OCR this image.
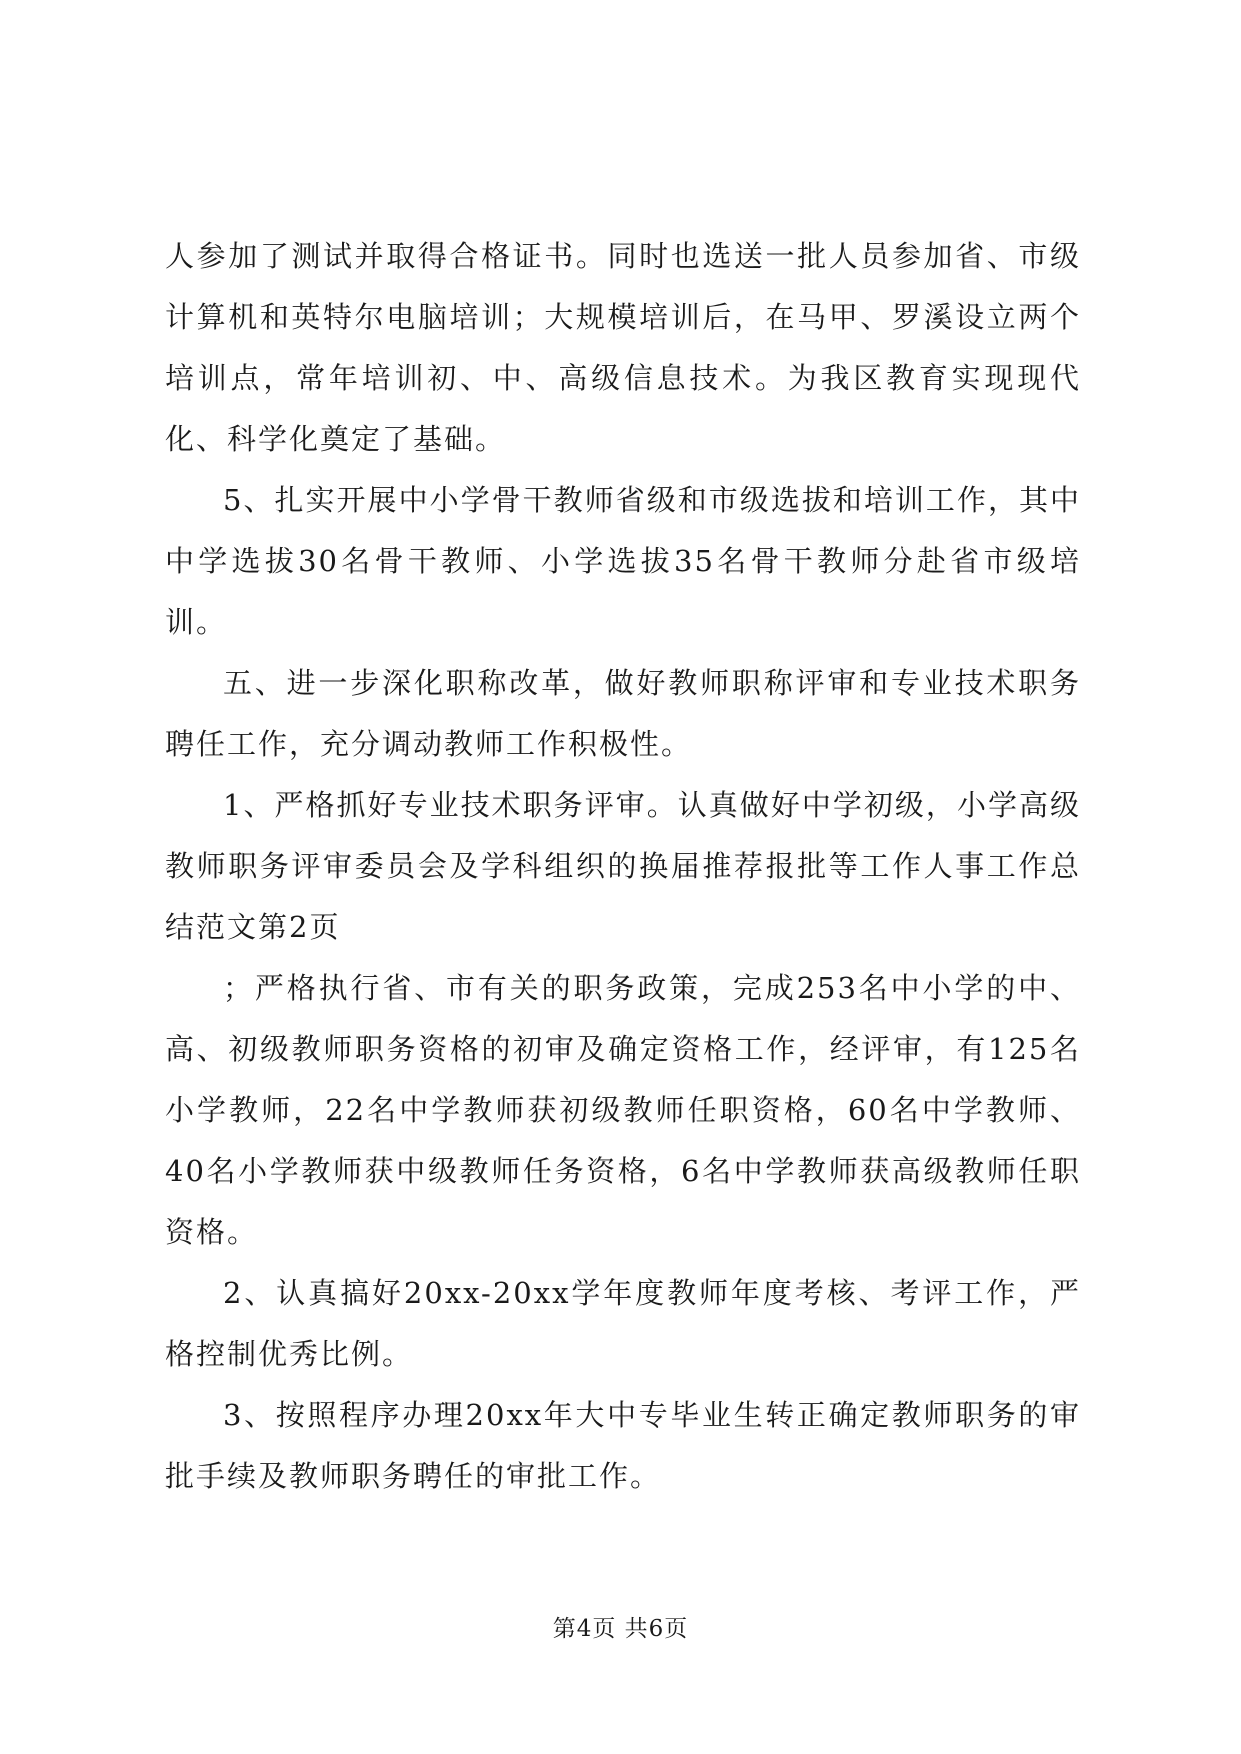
人参加了测试并取得合格证书。同时也选送一批人员参加省、市级计算机和英特尔电脑培训；大规模培训后，在马甲、罗溪设立两个培训点，常年培训初、中、高级信息技术。为我区教育实现现代化、科学化奠定了基础。

5、扎实开展中小学骨干教师省级和市级选拔和培训工作，其中中学选拔30名骨干教师、小学选拔35名骨干教师分赴省市级培训。

五、进一步深化职称改革，做好教师职称评审和专业技术职务聘任工作，充分调动教师工作积极性。

1、严格抓好专业技术职务评审。认真做好中学初级，小学高级教师职务评审委员会及学科组织的换届推荐报批等工作人事工作总结范文第2页

；严格执行省、市有关的职务政策，完成253名中小学的中、高、初级教师职务资格的初审及确定资格工作，经评审，有125名小学教师，22名中学教师获初级教师任职资格，60名中学教师、40名小学教师获中级教师任务资格，6名中学教师获高级教师任职资格。

2、认真搞好20xx-20xx学年度教师年度考核、考评工作，严格控制优秀比例。

3、按照程序办理20xx年大中专毕业生转正确定教师职务的审批手续及教师职务聘任的审批工作。

第4页 共6页
